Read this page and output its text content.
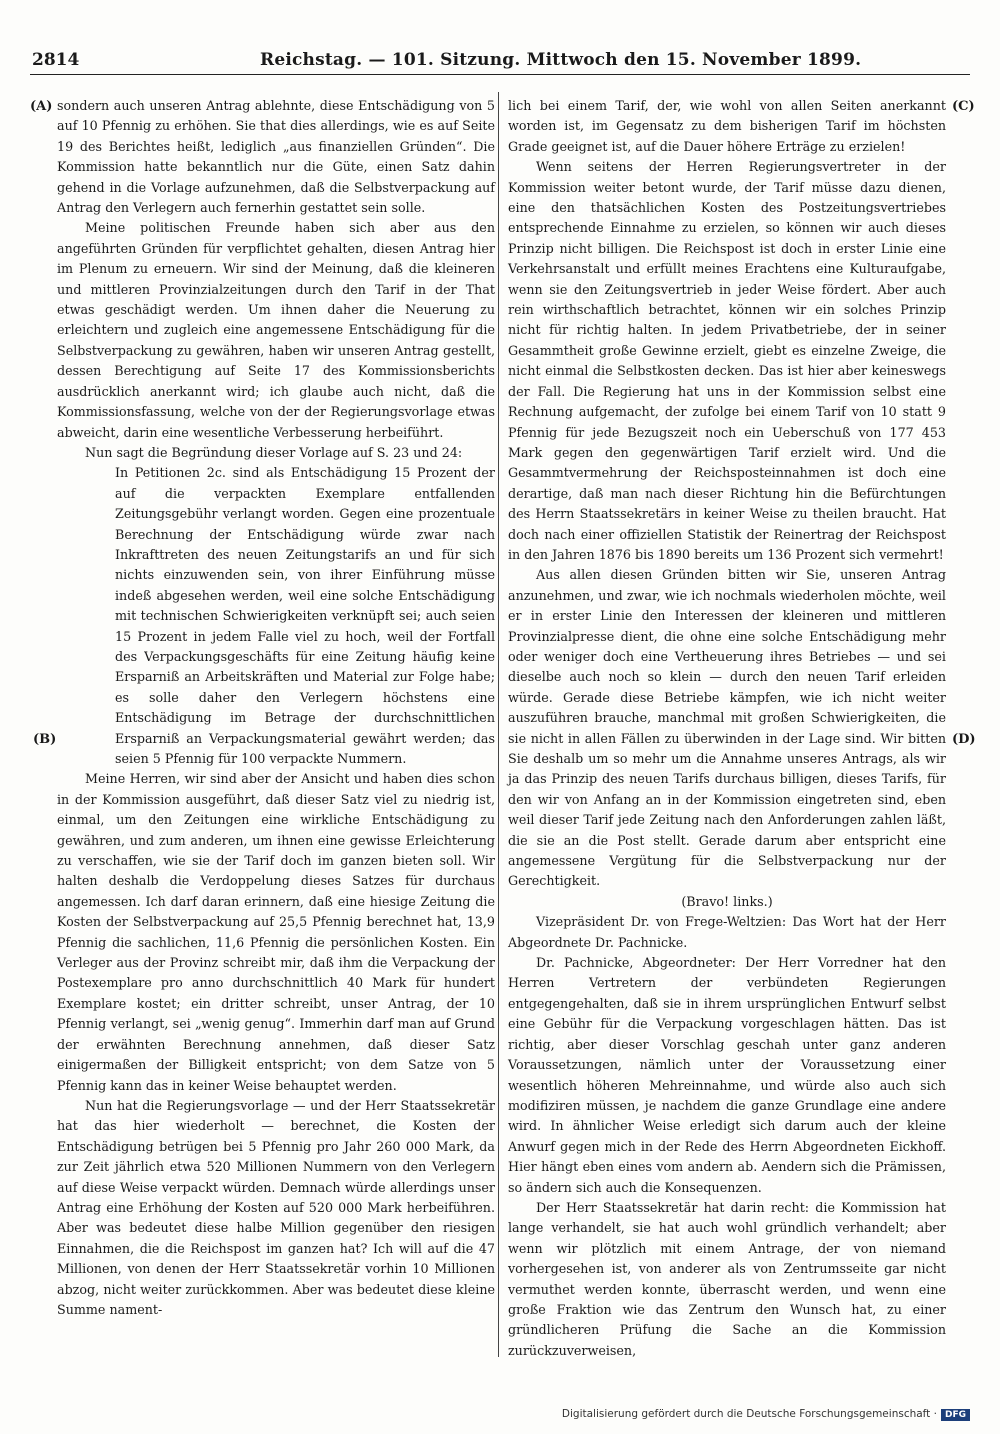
2814	Reichstag. — 101. Sitzung. Mittwoch den 15. November 1899.
(A)
(B)
(C)
(D)

sondern auch unseren Antrag ablehnte, diese Entschädigung von 5 auf 10 Pfennig zu erhöhen. Sie that dies allerdings, wie es auf Seite 19 des Berichtes heißt, lediglich „aus finanziellen Gründen“. Die Kommission hatte bekanntlich nur die Güte, einen Satz dahin gehend in die Vorlage aufzunehmen, daß die Selbstverpackung auf Antrag den Verlegern auch fernerhin gestattet sein solle.

Meine politischen Freunde haben sich aber aus den angeführten Gründen für verpflichtet gehalten, diesen Antrag hier im Plenum zu erneuern. Wir sind der Meinung, daß die kleineren und mittleren Provinzialzeitungen durch den Tarif in der That etwas geschädigt werden. Um ihnen daher die Neuerung zu erleichtern und zugleich eine angemessene Entschädigung für die Selbstverpackung zu gewähren, haben wir unseren Antrag gestellt, dessen Berechtigung auf Seite 17 des Kommissionsberichts ausdrücklich anerkannt wird; ich glaube auch nicht, daß die Kommissionsfassung, welche von der der Regierungsvorlage etwas abweicht, darin eine wesentliche Verbesserung herbeiführt.

Nun sagt die Begründung dieser Vorlage auf S. 23 und 24:

In Petitionen 2c. sind als Entschädigung 15 Prozent der auf die verpackten Exemplare entfallenden Zeitungsgebühr verlangt worden. Gegen eine prozentuale Berechnung der Entschädigung würde zwar nach Inkrafttreten des neuen Zeitungstarifs an und für sich nichts einzuwenden sein, von ihrer Einführung müsse indeß abgesehen werden, weil eine solche Entschädigung mit technischen Schwierigkeiten verknüpft sei; auch seien 15 Prozent in jedem Falle viel zu hoch, weil der Fortfall des Verpackungsgeschäfts für eine Zeitung häufig keine Ersparniß an Arbeitskräften und Material zur Folge habe; es solle daher den Verlegern höchstens eine Entschädigung im Betrage der durchschnittlichen Ersparniß an Verpackungsmaterial gewährt werden; das seien 5 Pfennig für 100 verpackte Nummern.

Meine Herren, wir sind aber der Ansicht und haben dies schon in der Kommission ausgeführt, daß dieser Satz viel zu niedrig ist, einmal, um den Zeitungen eine wirkliche Entschädigung zu gewähren, und zum anderen, um ihnen eine gewisse Erleichterung zu verschaffen, wie sie der Tarif doch im ganzen bieten soll. Wir halten deshalb die Verdoppelung dieses Satzes für durchaus angemessen. Ich darf daran erinnern, daß eine hiesige Zeitung die Kosten der Selbstverpackung auf 25,5 Pfennig berechnet hat, 13,9 Pfennig die sachlichen, 11,6 Pfennig die persönlichen Kosten. Ein Verleger aus der Provinz schreibt mir, daß ihm die Verpackung der Postexemplare pro anno durchschnittlich 40 Mark für hundert Exemplare kostet; ein dritter schreibt, unser Antrag, der 10 Pfennig verlangt, sei „wenig genug“. Immerhin darf man auf Grund der erwähnten Berechnung annehmen, daß dieser Satz einigermaßen der Billigkeit entspricht; von dem Satze von 5 Pfennig kann das in keiner Weise behauptet werden.

Nun hat die Regierungsvorlage — und der Herr Staatssekretär hat das hier wiederholt — berechnet, die Kosten der Entschädigung betrügen bei 5 Pfennig pro Jahr 260 000 Mark, da zur Zeit jährlich etwa 520 Millionen Nummern von den Verlegern auf diese Weise verpackt würden. Demnach würde allerdings unser Antrag eine Erhöhung der Kosten auf 520 000 Mark herbeiführen. Aber was bedeutet diese halbe Million gegenüber den riesigen Einnahmen, die die Reichspost im ganzen hat? Ich will auf die 47 Millionen, von denen der Herr Staatssekretär vorhin 10 Millionen abzog, nicht weiter zurückkommen. Aber was bedeutet diese kleine Summe nament-

lich bei einem Tarif, der, wie wohl von allen Seiten anerkannt worden ist, im Gegensatz zu dem bisherigen Tarif im höchsten Grade geeignet ist, auf die Dauer höhere Erträge zu erzielen!

Wenn seitens der Herren Regierungsvertreter in der Kommission weiter betont wurde, der Tarif müsse dazu dienen, eine den thatsächlichen Kosten des Postzeitungsvertriebes entsprechende Einnahme zu erzielen, so können wir auch dieses Prinzip nicht billigen. Die Reichspost ist doch in erster Linie eine Verkehrsanstalt und erfüllt meines Erachtens eine Kulturaufgabe, wenn sie den Zeitungsvertrieb in jeder Weise fördert. Aber auch rein wirthschaftlich betrachtet, können wir ein solches Prinzip nicht für richtig halten. In jedem Privatbetriebe, der in seiner Gesammtheit große Gewinne erzielt, giebt es einzelne Zweige, die nicht einmal die Selbstkosten decken. Das ist hier aber keineswegs der Fall. Die Regierung hat uns in der Kommission selbst eine Rechnung aufgemacht, der zufolge bei einem Tarif von 10 statt 9 Pfennig für jede Bezugszeit noch ein Ueberschuß von 177 453 Mark gegen den gegenwärtigen Tarif erzielt wird. Und die Gesammtvermehrung der Reichsposteinnahmen ist doch eine derartige, daß man nach dieser Richtung hin die Befürchtungen des Herrn Staatssekretärs in keiner Weise zu theilen braucht. Hat doch nach einer offiziellen Statistik der Reinertrag der Reichspost in den Jahren 1876 bis 1890 bereits um 136 Prozent sich vermehrt!

Aus allen diesen Gründen bitten wir Sie, unseren Antrag anzunehmen, und zwar, wie ich nochmals wiederholen möchte, weil er in erster Linie den Interessen der kleineren und mittleren Provinzialpresse dient, die ohne eine solche Entschädigung mehr oder weniger doch eine Vertheuerung ihres Betriebes — und sei dieselbe auch noch so klein — durch den neuen Tarif erleiden würde. Gerade diese Betriebe kämpfen, wie ich nicht weiter auszuführen brauche, manchmal mit großen Schwierigkeiten, die sie nicht in allen Fällen zu überwinden in der Lage sind. Wir bitten Sie deshalb um so mehr um die Annahme unseres Antrags, als wir ja das Prinzip des neuen Tarifs durchaus billigen, dieses Tarifs, für den wir von Anfang an in der Kommission eingetreten sind, eben weil dieser Tarif jede Zeitung nach den Anforderungen zahlen läßt, die sie an die Post stellt. Gerade darum aber entspricht eine angemessene Vergütung für die Selbstverpackung nur der Gerechtigkeit.

(Bravo! links.)

Vizepräsident Dr. von Frege-Weltzien: Das Wort hat der Herr Abgeordnete Dr. Pachnicke.

Dr. Pachnicke, Abgeordneter: Der Herr Vorredner hat den Herren Vertretern der verbündeten Regierungen entgegengehalten, daß sie in ihrem ursprünglichen Entwurf selbst eine Gebühr für die Verpackung vorgeschlagen hätten. Das ist richtig, aber dieser Vorschlag geschah unter ganz anderen Voraussetzungen, nämlich unter der Voraussetzung einer wesentlich höheren Mehreinnahme, und würde also auch sich modifiziren müssen, je nachdem die ganze Grundlage eine andere wird. In ähnlicher Weise erledigt sich darum auch der kleine Anwurf gegen mich in der Rede des Herrn Abgeordneten Eickhoff. Hier hängt eben eines vom andern ab. Aendern sich die Prämissen, so ändern sich auch die Konsequenzen.

Der Herr Staatssekretär hat darin recht: die Kommission hat lange verhandelt, sie hat auch wohl gründlich verhandelt; aber wenn wir plötzlich mit einem Antrage, der von niemand vorhergesehen ist, von anderer als von Zentrumsseite gar nicht vermuthet werden konnte, überrascht werden, und wenn eine große Fraktion wie das Zentrum den Wunsch hat, zu einer gründlicheren Prüfung die Sache an die Kommission zurückzuverweisen,

Digitalisierung gefördert durch die Deutsche Forschungsgemeinschaft · DFG
